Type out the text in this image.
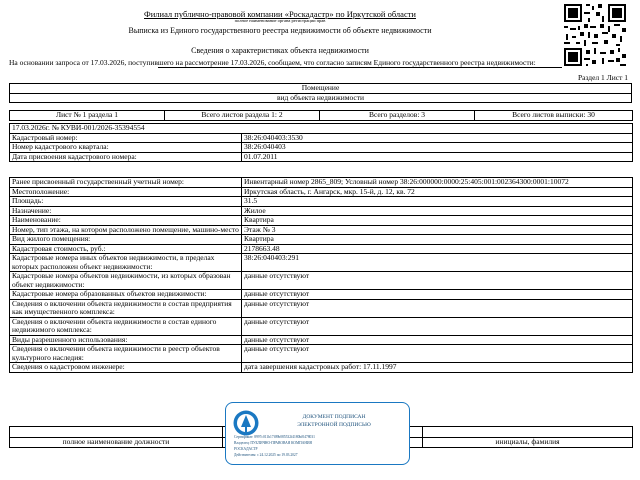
Филиал публично-правовой компании «Роскадастр» по Иркутской области
полное наименование органа регистрации прав
Выписка из Единого государственного реестра недвижимости об объекте недвижимости
Сведения о характеристиках объекта недвижимости
На основании запроса от 17.03.2026, поступившего на рассмотрение 17.03.2026, сообщаем, что согласно записям Единого государственного реестра недвижимости:
Раздел 1 Лист 1
Помещение
вид объекта недвижимости
Лист № 1 раздела 1	Всего листов раздела 1: 2	Всего разделов: 3	Всего листов выписки: 30
17.03.2026г. № КУВИ-001/2026-35394554	
Кадастровый номер:	38:26:040403:3530
Номер кадастрового квартала:	38:26:040403
Дата присвоения кадастрового номера:	01.07.2011
Ранее присвоенный государственный учетный номер:	Инвентарный номер 2865_809; Условный номер 38:26:000000:0000:25:405:001:002364300:0001:10072
Местоположение:	Иркутская область, г. Ангарск, мкр. 15-й, д. 12, кв. 72
Площадь:	31.5
Назначение:	Жилое
Наименование:	Квартира
Номер, тип этажа, на котором расположено помещение, машино-место	Этаж № 3
Вид жилого помещения:	Квартира
Кадастровая стоимость, руб.:	2178663.48
Кадастровые номера иных объектов недвижимости, в пределах которых расположен объект недвижимости:	38:26:040403:291
Кадастровые номера объектов недвижимости, из которых образован объект недвижимости:	данные отсутствуют
Кадастровые номера образованных объектов недвижимости:	данные отсутствуют
Сведения о включении объекта недвижимости в состав предприятия как имущественного комплекса:	данные отсутствуют
Сведения о включении объекта недвижимости в состав единого недвижимого комплекса:	данные отсутствуют
Виды разрешенного использования:	данные отсутствуют
Сведения о включении объекта недвижимости в реестр объектов культурного наследия:	данные отсутствуют
Сведения о кадастровом инженере:	дата завершения кадастровых работ: 17.11.1997

полное наименование должности		инициалы, фамилия
ДОКУМЕНТ ПОДПИСАН
ЭЛЕКТРОННОЙ ПОДПИСЬЮ
Сертификат: 8997c011b17f09b085532f4180bf0478031
Владелец: ПУБЛИЧНО-ПРАВОВАЯ КОМПАНИЯ
РОСКАДАСТР
Действителен: с 24.12.2025 по 19.03.2027
